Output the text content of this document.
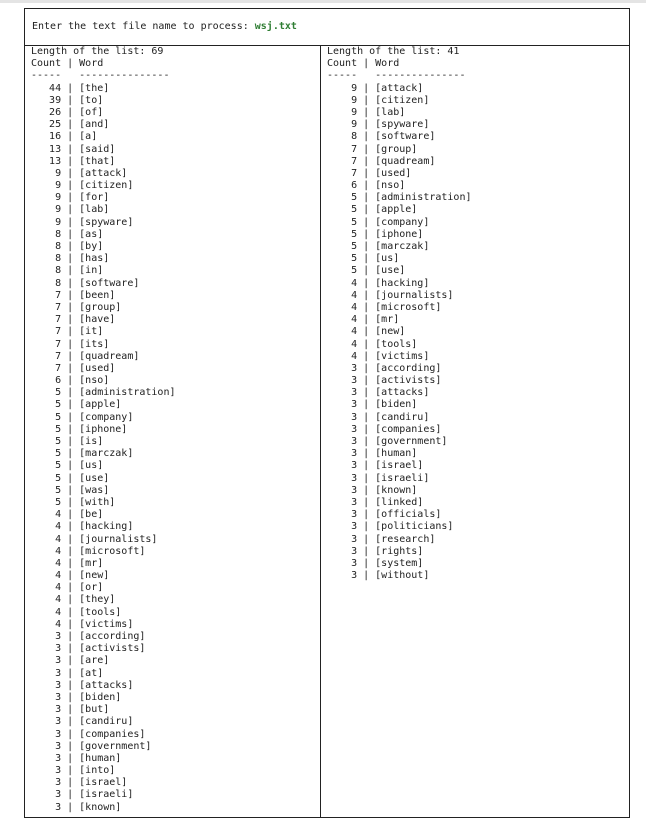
Enter the text file name to process: wsj.txt
Length of the list: 69
Count | Word
-----   ---------------
44 | [the]
39 | [to]
26 | [of]
25 | [and]
16 | [a]
13 | [said]
13 | [that]
9 | [attack]
9 | [citizen]
9 | [for]
9 | [lab]
9 | [spyware]
8 | [as]
8 | [by]
8 | [has]
8 | [in]
8 | [software]
7 | [been]
7 | [group]
7 | [have]
7 | [it]
7 | [its]
7 | [quadream]
7 | [used]
6 | [nso]
5 | [administration]
5 | [apple]
5 | [company]
5 | [iphone]
5 | [is]
5 | [marczak]
5 | [us]
5 | [use]
5 | [was]
5 | [with]
4 | [be]
4 | [hacking]
4 | [journalists]
4 | [microsoft]
4 | [mr]
4 | [new]
4 | [or]
4 | [they]
4 | [tools]
4 | [victims]
3 | [according]
3 | [activists]
3 | [are]
3 | [at]
3 | [attacks]
3 | [biden]
3 | [but]
3 | [candiru]
3 | [companies]
3 | [government]
3 | [human]
3 | [into]
3 | [israel]
3 | [israeli]
3 | [known]
Length of the list: 41
Count | Word
-----   ---------------
9 | [attack]
9 | [citizen]
9 | [lab]
9 | [spyware]
8 | [software]
7 | [group]
7 | [quadream]
7 | [used]
6 | [nso]
5 | [administration]
5 | [apple]
5 | [company]
5 | [iphone]
5 | [marczak]
5 | [us]
5 | [use]
4 | [hacking]
4 | [journalists]
4 | [microsoft]
4 | [mr]
4 | [new]
4 | [tools]
4 | [victims]
3 | [according]
3 | [activists]
3 | [attacks]
3 | [biden]
3 | [candiru]
3 | [companies]
3 | [government]
3 | [human]
3 | [israel]
3 | [israeli]
3 | [known]
3 | [linked]
3 | [officials]
3 | [politicians]
3 | [research]
3 | [rights]
3 | [system]
3 | [without]
